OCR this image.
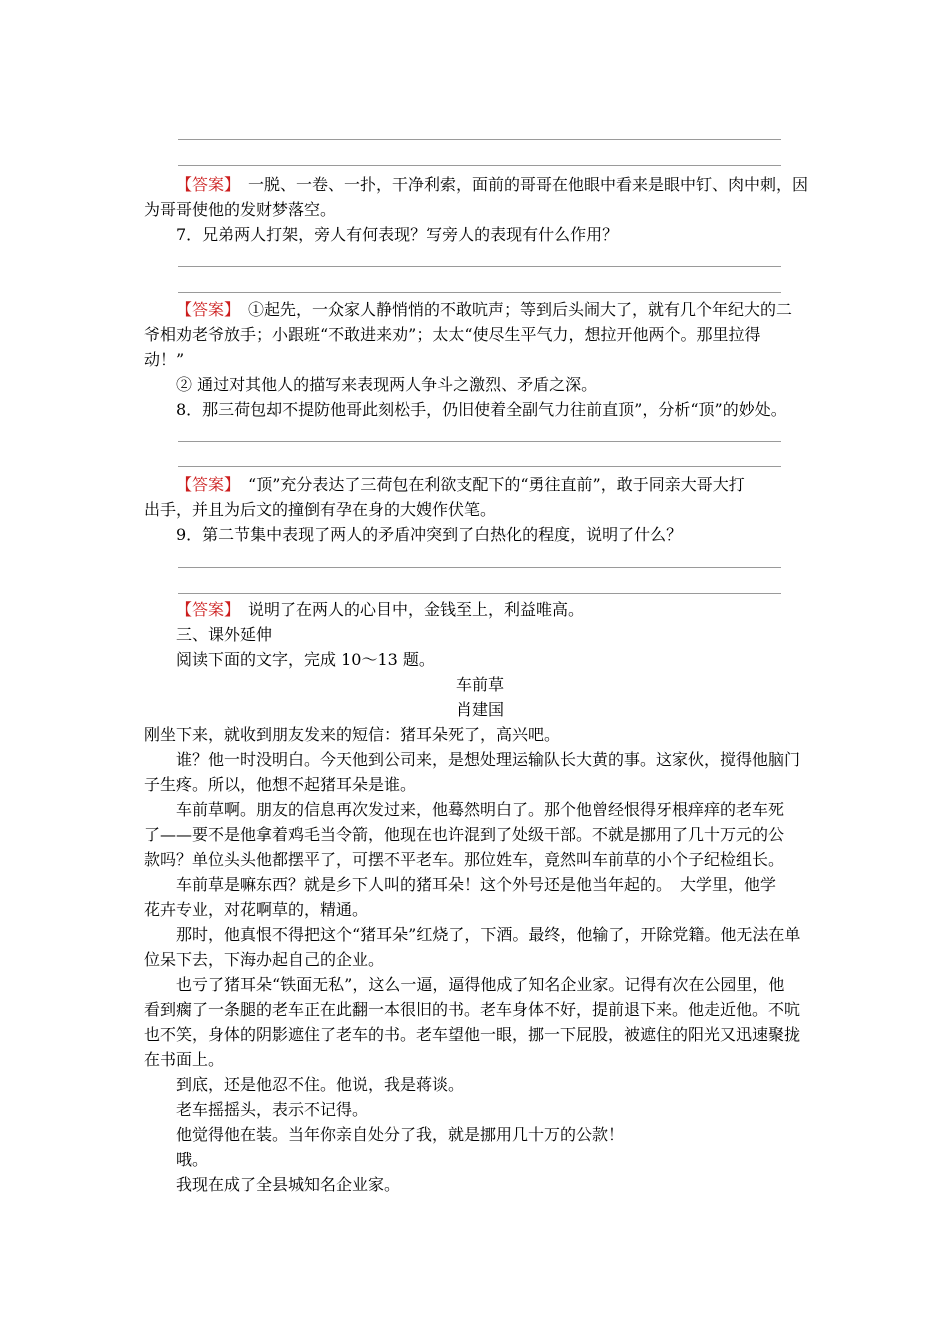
【答案】　一脱、一卷、一扑，干净利索，面前的哥哥在他眼中看来是眼中钉、肉中刺，因

为哥哥使他的发财梦落空。

7．兄弟两人打架，旁人有何表现？写旁人的表现有什么作用？

【答案】　①起先，一众家人静悄悄的不敢吭声；等到后头闹大了，就有几个年纪大的二

爷相劝老爷放手；小跟班“不敢进来劝”；太太“使尽生平气力，想拉开他两个。那里拉得

动！”

② 通过对其他人的描写来表现两人争斗之激烈、矛盾之深。

8．那三荷包却不提防他哥此刻松手，仍旧使着全副气力往前直顶”，分析“顶”的妙处。

【答案】　“顶”充分表达了三荷包在利欲支配下的“勇往直前”，敢于同亲大哥大打

出手，并且为后文的撞倒有孕在身的大嫂作伏笔。

9．第二节集中表现了两人的矛盾冲突到了白热化的程度，说明了什么？

【答案】　说明了在两人的心目中，金钱至上，利益唯高。

三、课外延伸

阅读下面的文字，完成 10～13 题。

车前草

肖建国

刚坐下来，就收到朋友发来的短信：猪耳朵死了，高兴吧。

谁？他一时没明白。今天他到公司来，是想处理运输队长大黄的事。这家伙，搅得他脑门

子生疼。所以，他想不起猪耳朵是谁。

车前草啊。朋友的信息再次发过来，他蓦然明白了。那个他曾经恨得牙根痒痒的老车死

了——要不是他拿着鸡毛当令箭，他现在也许混到了处级干部。不就是挪用了几十万元的公

款吗？单位头头他都摆平了，可摆不平老车。那位姓车，竟然叫车前草的小个子纪检组长。

车前草是嘛东西？就是乡下人叫的猪耳朵！这个外号还是他当年起的。　大学里，他学

花卉专业，对花啊草的，精通。

那时，他真恨不得把这个“猪耳朵”红烧了，下酒。最终，他输了，开除党籍。他无法在单

位呆下去，下海办起自己的企业。

也亏了猪耳朵“铁面无私”，这么一逼，逼得他成了知名企业家。记得有次在公园里，他

看到瘸了一条腿的老车正在此翻一本很旧的书。老车身体不好，提前退下来。他走近他。不吭

也不笑，身体的阴影遮住了老车的书。老车望他一眼，挪一下屁股，被遮住的阳光又迅速聚拢

在书面上。

到底，还是他忍不住。他说，我是蒋谈。

老车摇摇头，表示不记得。

他觉得他在装。当年你亲自处分了我，就是挪用几十万的公款！

哦。

我现在成了全县城知名企业家。
